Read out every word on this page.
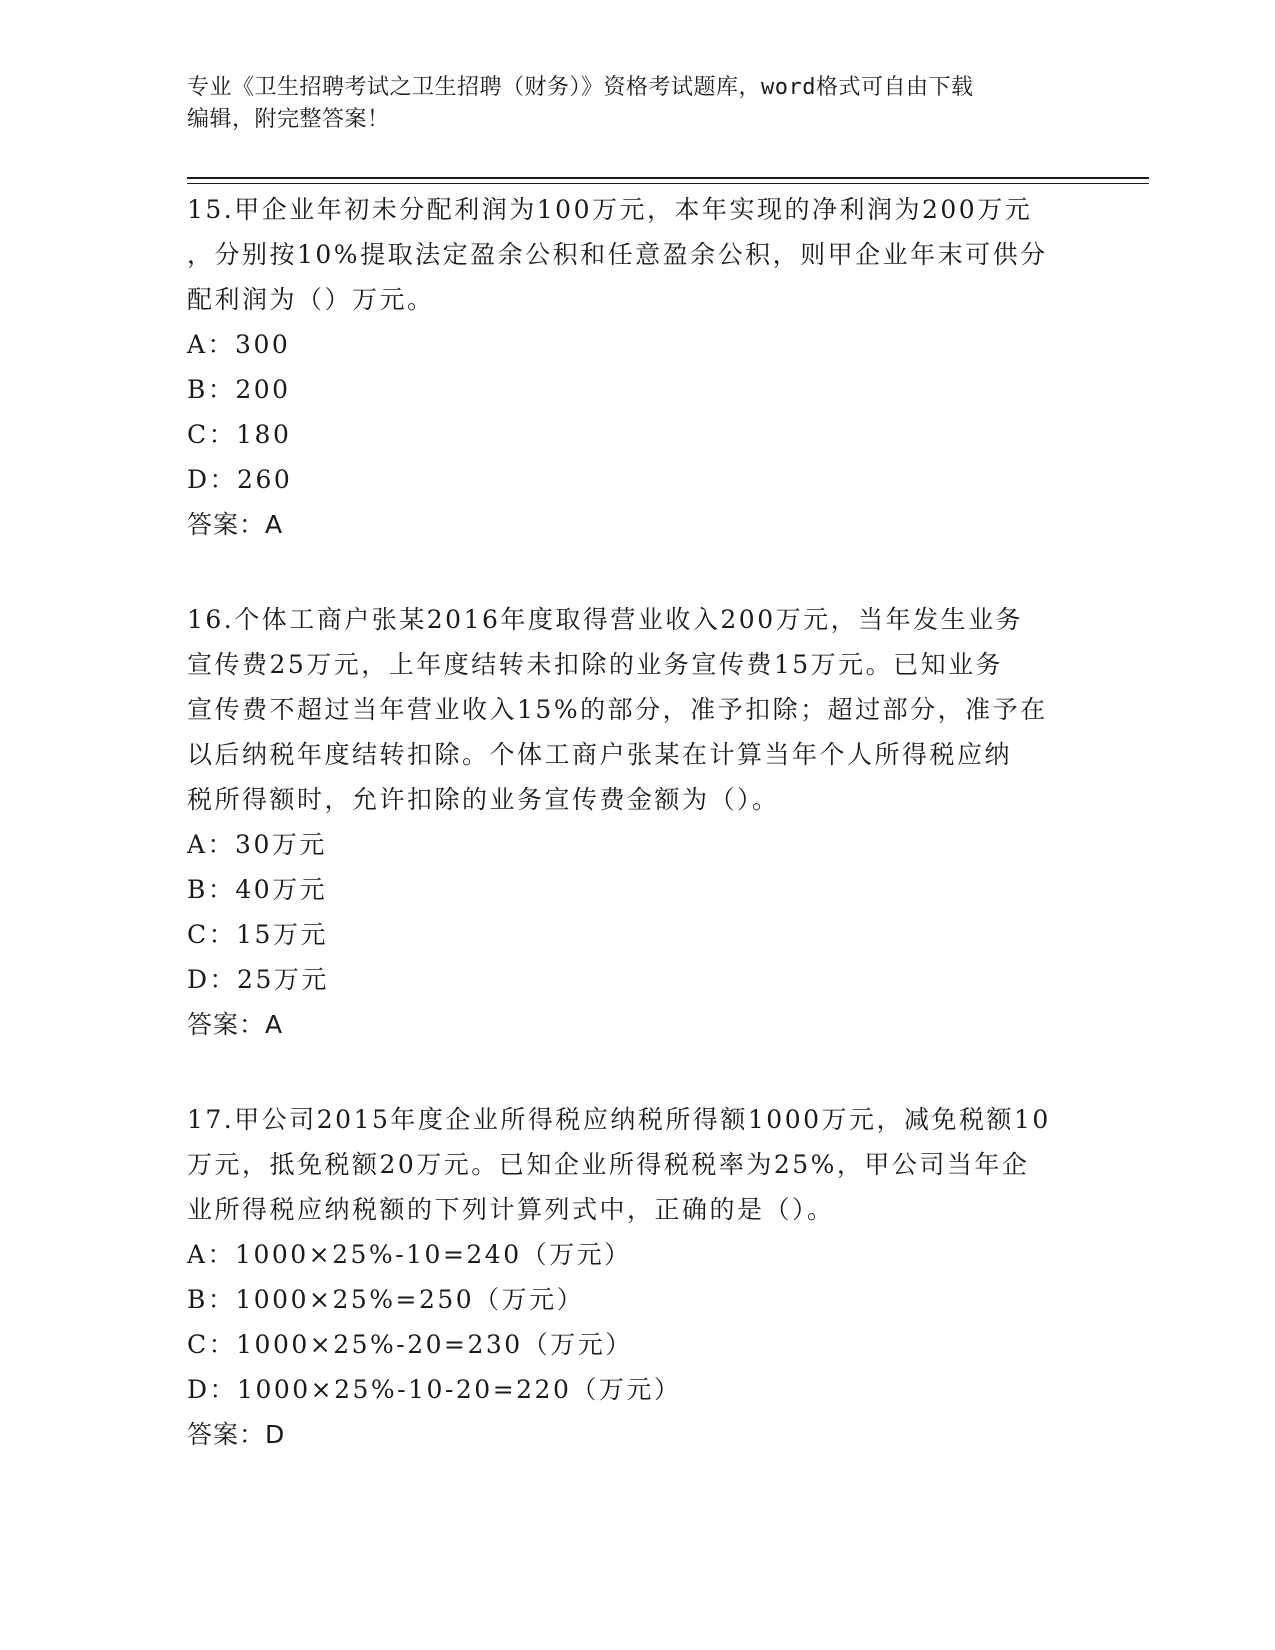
专业《卫生招聘考试之卫生招聘（财务）》资格考试题库，word格式可自由下载
编辑，附完整答案！

15.甲企业年初未分配利润为100万元，本年实现的净利润为200万元

，分别按10%提取法定盈余公积和任意盈余公积，则甲企业年末可供分

配利润为（）万元。

A：300

B：200

C：180

D：260

答案：A

16.个体工商户张某2016年度取得营业收入200万元，当年发生业务

宣传费25万元，上年度结转未扣除的业务宣传费15万元。已知业务

宣传费不超过当年营业收入15%的部分，准予扣除；超过部分，准予在

以后纳税年度结转扣除。个体工商户张某在计算当年个人所得税应纳

税所得额时，允许扣除的业务宣传费金额为（）。

A：30万元

B：40万元

C：15万元

D：25万元

答案：A

17.甲公司2015年度企业所得税应纳税所得额1000万元，减免税额10

万元，抵免税额20万元。已知企业所得税税率为25%，甲公司当年企

业所得税应纳税额的下列计算列式中，正确的是（）。

A：1000×25%-10=240（万元）

B：1000×25%=250（万元）

C：1000×25%-20=230（万元）

D：1000×25%-10-20=220（万元）

答案：D
